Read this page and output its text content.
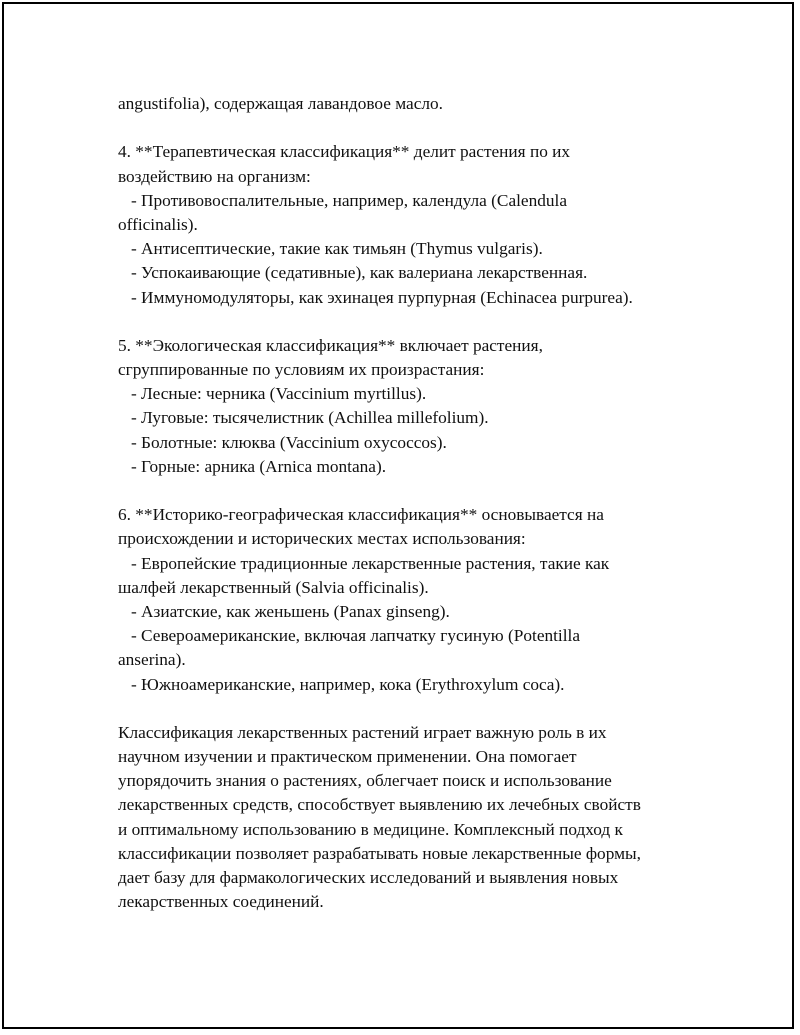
angustifolia), содержащая лавандовое масло.
4. **Терапевтическая классификация** делит растения по их
воздействию на организм:
- Противовоспалительные, например, календула (Calendula
officinalis).
- Антисептические, такие как тимьян (Thymus vulgaris).
- Успокаивающие (седативные), как валериана лекарственная.
- Иммуномодуляторы, как эхинацея пурпурная (Echinacea purpurea).
5. **Экологическая классификация** включает растения,
сгруппированные по условиям их произрастания:
- Лесные: черника (Vaccinium myrtillus).
- Луговые: тысячелистник (Achillea millefolium).
- Болотные: клюква (Vaccinium oxycoccos).
- Горные: арника (Arnica montana).
6. **Историко-географическая классификация** основывается на
происхождении и исторических местах использования:
- Европейские традиционные лекарственные растения, такие как
шалфей лекарственный (Salvia officinalis).
- Азиатские, как женьшень (Panax ginseng).
- Североамериканские, включая лапчатку гусиную (Potentilla
anserina).
- Южноамериканские, например, кока (Erythroxylum coca).
Классификация лекарственных растений играет важную роль в их
научном изучении и практическом применении. Она помогает
упорядочить знания о растениях, облегчает поиск и использование
лекарственных средств, способствует выявлению их лечебных свойств
и оптимальному использованию в медицине. Комплексный подход к
классификации позволяет разрабатывать новые лекарственные формы,
дает базу для фармакологических исследований и выявления новых
лекарственных соединений.
